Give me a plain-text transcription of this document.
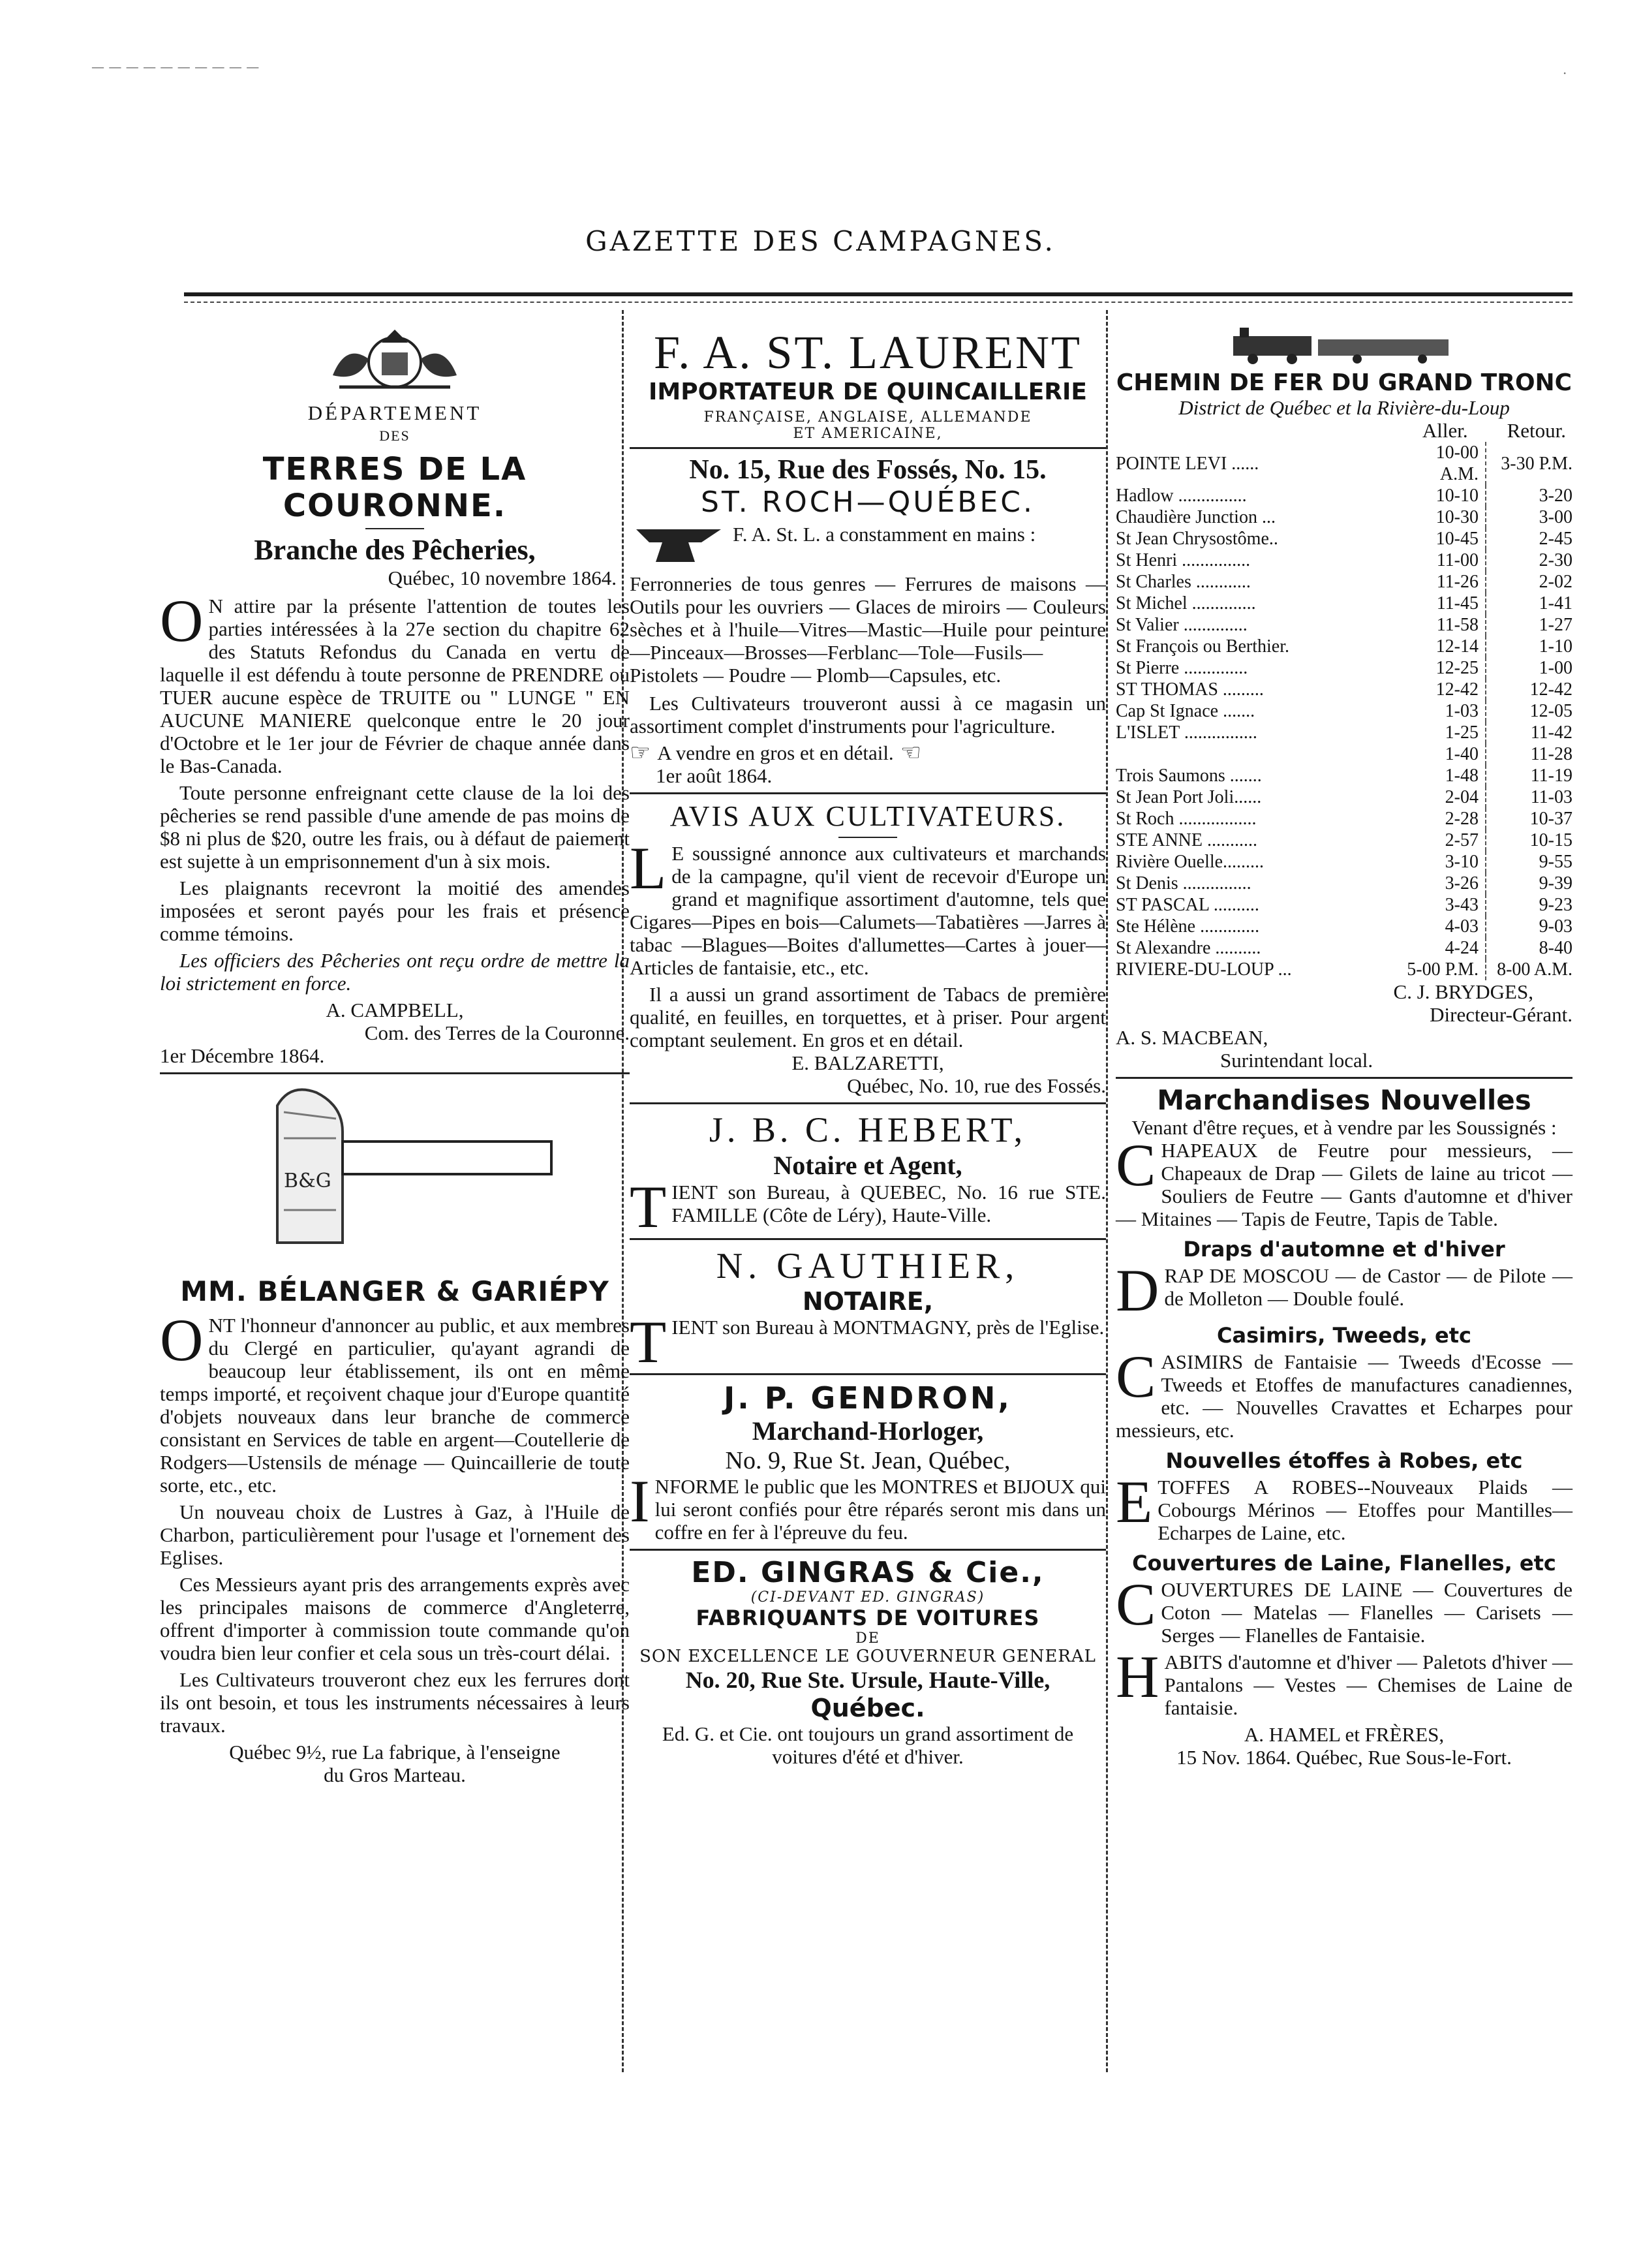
— — — — — — — — — —
GAZETTE DES CAMPAGNES.
DÉPARTEMENT
DES
TERRES DE LA COURONNE.
Branche des Pêcheries,
Québec, 10 novembre 1864.
O N attire par la présente l'attention de toutes les parties intéressées à la 27e section du chapitre 62 des Statuts Refondus du Canada en vertu de laquelle il est défendu à toute personne de PRENDRE ou TUER aucune espèce de TRUITE ou " LUNGE " EN AUCUNE MANIERE quelconque entre le 20 jour d'Octobre et le 1er jour de Février de chaque année dans le Bas-Canada.
Toute personne enfreignant cette clause de la loi des pêcheries se rend passible d'une amende de pas moins de $8 ni plus de $20, outre les frais, ou à défaut de paiement est sujette à un emprisonnement d'un à six mois.
Les plaignants recevront la moitié des amendes imposées et seront payés pour les frais et présence comme témoins.
Les officiers des Pêcheries ont reçu ordre de mettre la loi strictement en force.
A. CAMPBELL,
Com. des Terres de la Couronne.
1er Décembre 1864.
B&G
MM. BÉLANGER & GARIÉPY
ONT l'honneur d'annoncer au public, et aux membres du Clergé en particulier, qu'ayant agrandi de beaucoup leur établissement, ils ont en même temps importé, et reçoivent chaque jour d'Europe quantité d'objets nouveaux dans leur branche de commerce consistant en Services de table en argent—Coutellerie de Rodgers—Ustensils de ménage — Quincaillerie de toute sorte, etc., etc.
Un nouveau choix de Lustres à Gaz, à l'Huile de Charbon, particulièrement pour l'usage et l'ornement des Eglises.
Ces Messieurs ayant pris des arrangements exprès avec les principales maisons de commerce d'Angleterre, offrent d'importer à commission toute commande qu'on voudra bien leur confier et cela sous un très-court délai.
Les Cultivateurs trouveront chez eux les ferrures dont ils ont besoin, et tous les instruments nécessaires à leurs travaux.
Québec 9½, rue La fabrique, à l'enseigne
du Gros Marteau.
F. A. ST. LAURENT
IMPORTATEUR DE QUINCAILLERIE
FRANÇAISE, ANGLAISE, ALLEMANDE
ET AMERICAINE,
No. 15, Rue des Fossés, No. 15.
ST. ROCH—QUÉBEC.
F. A. St. L. a constamment en mains :
Ferronneries de tous genres — Ferrures de maisons — Outils pour les ouvriers — Glaces de miroirs — Couleurs sèches et à l'huile—Vitres—Mastic—Huile pour peinture—Pinceaux—Brosses—Ferblanc—Tole—Fusils—Pistolets — Poudre — Plomb—Capsules, etc.
Les Cultivateurs trouveront aussi à ce magasin un assortiment complet d'instruments pour l'agriculture.
☞ A vendre en gros et en détail. ☜
1er août 1864.
AVIS AUX CULTIVATEURS.
L E soussigné annonce aux cultivateurs et marchands de la campagne, qu'il vient de recevoir d'Europe un grand et magnifique assortiment d'automne, tels que Cigares—Pipes en bois—Calumets—Tabatières —Jarres à tabac —Blagues—Boites d'allumettes—Cartes à jouer—Articles de fantaisie, etc., etc.
Il a aussi un grand assortiment de Tabacs de première qualité, en feuilles, en torquettes, et à priser. Pour argent comptant seulement. En gros et en détail.
E. BALZARETTI,
Québec, No. 10, rue des Fossés.
J. B. C. HEBERT,
Notaire et Agent,
TIENT son Bureau, à QUEBEC, No. 16 rue STE. FAMILLE (Côte de Léry), Haute-Ville.
N. GAUTHIER,
NOTAIRE,
TIENT son Bureau à MONTMAGNY, près de l'Eglise.
J. P. GENDRON,
Marchand-Horloger,
No. 9, Rue St. Jean, Québec,
INFORME le public que les MONTRES et BIJOUX qui lui seront confiés pour être réparés seront mis dans un coffre en fer à l'épreuve du feu.
ED. GINGRAS & Cie.,
(CI-DEVANT ED. GINGRAS)
FABRIQUANTS DE VOITURES
DE
SON EXCELLENCE LE GOUVERNEUR GENERAL
No. 20, Rue Ste. Ursule, Haute-Ville,
Québec.
Ed. G. et Cie. ont toujours un grand assortiment de voitures d'été et d'hiver.
CHEMIN DE FER DU GRAND TRONC
District de Québec et la Rivière-du-Loup
Aller. Retour.
POINTE LEVI ......	10-00 A.M.	3-30 P.M.
Hadlow ...............	10-10	3-20
Chaudière Junction ...	10-30	3-00
St Jean Chrysostôme..	10-45	2-45
St Henri ...............	11-00	2-30
St Charles ............	11-26	2-02
St Michel ..............	11-45	1-41
St Valier ..............	11-58	1-27
St François ou Berthier.	12-14	1-10
St Pierre ..............	12-25	1-00
ST THOMAS .........	12-42	12-42
Cap St Ignace .......	1-03	12-05
L'ISLET ................	1-25	11-42
	1-40	11-28
Trois Saumons .......	1-48	11-19
St Jean Port Joli......	2-04	11-03
St Roch .................	2-28	10-37
STE ANNE ...........	2-57	10-15
Rivière Ouelle.........	3-10	9-55
St Denis ...............	3-26	9-39
ST PASCAL ..........	3-43	9-23
Ste Hélène .............	4-03	9-03
St Alexandre ..........	4-24	8-40
RIVIERE-DU-LOUP ...	5-00 P.M.	8-00 A.M.
C. J. BRYDGES,
Directeur-Gérant.
A. S. MACBEAN,
Surintendant local.
Marchandises Nouvelles
Venant d'être reçues, et à vendre par les Soussignés :
CHAPEAUX de Feutre pour messieurs, — Chapeaux de Drap — Gilets de laine au tricot — Souliers de Feutre — Gants d'automne et d'hiver — Mitaines — Tapis de Feutre, Tapis de Table.
Draps d'automne et d'hiver
DRAP DE MOSCOU — de Castor — de Pilote — de Molleton — Double foulé.
Casimirs, Tweeds, etc
CASIMIRS de Fantaisie — Tweeds d'Ecosse — Tweeds et Etoffes de manufactures canadiennes, etc. — Nouvelles Cravattes et Echarpes pour messieurs, etc.
Nouvelles étoffes à Robes, etc
ETOFFES A ROBES--Nouveaux Plaids — Cobourgs Mérinos — Etoffes pour Mantilles—Echarpes de Laine, etc.
Couvertures de Laine, Flanelles, etc
COUVERTURES DE LAINE — Couvertures de Coton — Matelas — Flanelles — Carisets — Serges — Flanelles de Fantaisie.
HABITS d'automne et d'hiver — Paletots d'hiver — Pantalons — Vestes — Chemises de Laine de fantaisie.
A. HAMEL et FRÈRES,
15 Nov. 1864. Québec, Rue Sous-le-Fort.
·
